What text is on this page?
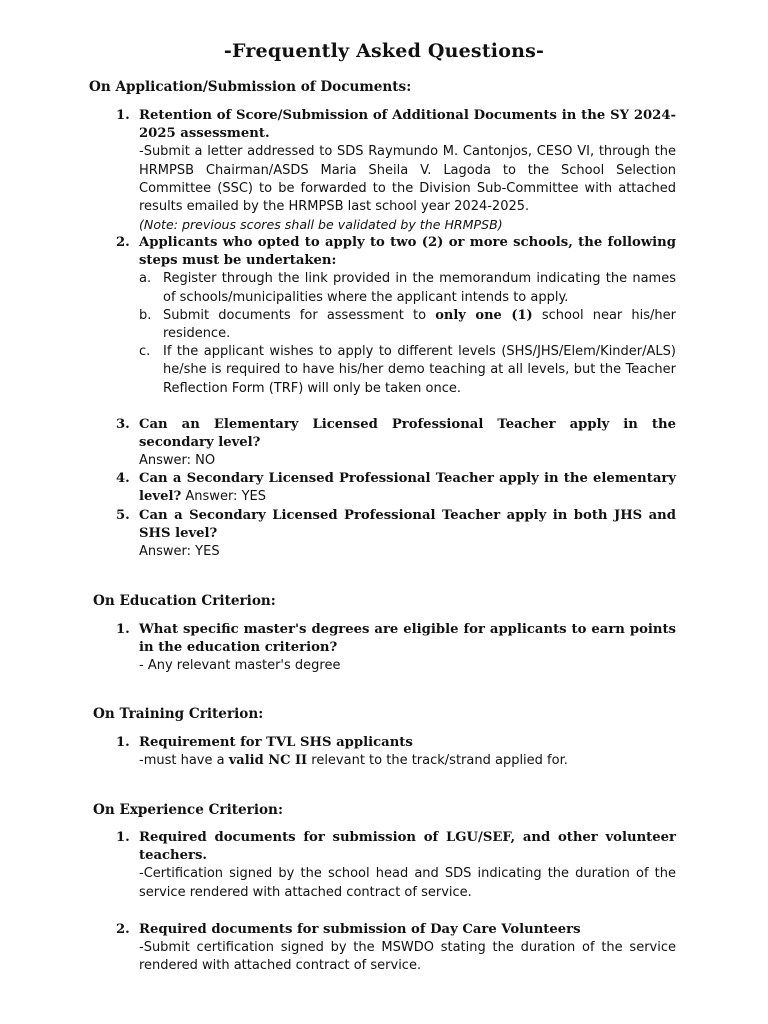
-Frequently Asked Questions-
On Application/Submission of Documents:
1. Retention of Score/Submission of Additional Documents in the SY 2024-2025 assessment.
-Submit a letter addressed to SDS Raymundo M. Cantonjos, CESO VI, through the HRMPSB Chairman/ASDS Maria Sheila V. Lagoda to the School Selection Committee (SSC) to be forwarded to the Division Sub-Committee with attached results emailed by the HRMPSB last school year 2024-2025.
(Note: previous scores shall be validated by the HRMPSB)
2. Applicants who opted to apply to two (2) or more schools, the following steps must be undertaken:
a. Register through the link provided in the memorandum indicating the names of schools/municipalities where the applicant intends to apply.
b. Submit documents for assessment to only one (1) school near his/her residence.
c. If the applicant wishes to apply to different levels (SHS/JHS/Elem/Kinder/ALS) he/she is required to have his/her demo teaching at all levels, but the Teacher Reflection Form (TRF) will only be taken once.
3. Can an Elementary Licensed Professional Teacher apply in the secondary level?
Answer: NO
4. Can a Secondary Licensed Professional Teacher apply in the elementary level? Answer: YES
5. Can a Secondary Licensed Professional Teacher apply in both JHS and SHS level?
Answer: YES
On Education Criterion:
1. What specific master's degrees are eligible for applicants to earn points in the education criterion?
- Any relevant master's degree
On Training Criterion:
1. Requirement for TVL SHS applicants
-must have a valid NC II relevant to the track/strand applied for.
On Experience Criterion:
1. Required documents for submission of LGU/SEF, and other volunteer teachers.
-Certification signed by the school head and SDS indicating the duration of the service rendered with attached contract of service.
2. Required documents for submission of Day Care Volunteers
-Submit certification signed by the MSWDO stating the duration of the service rendered with attached contract of service.
